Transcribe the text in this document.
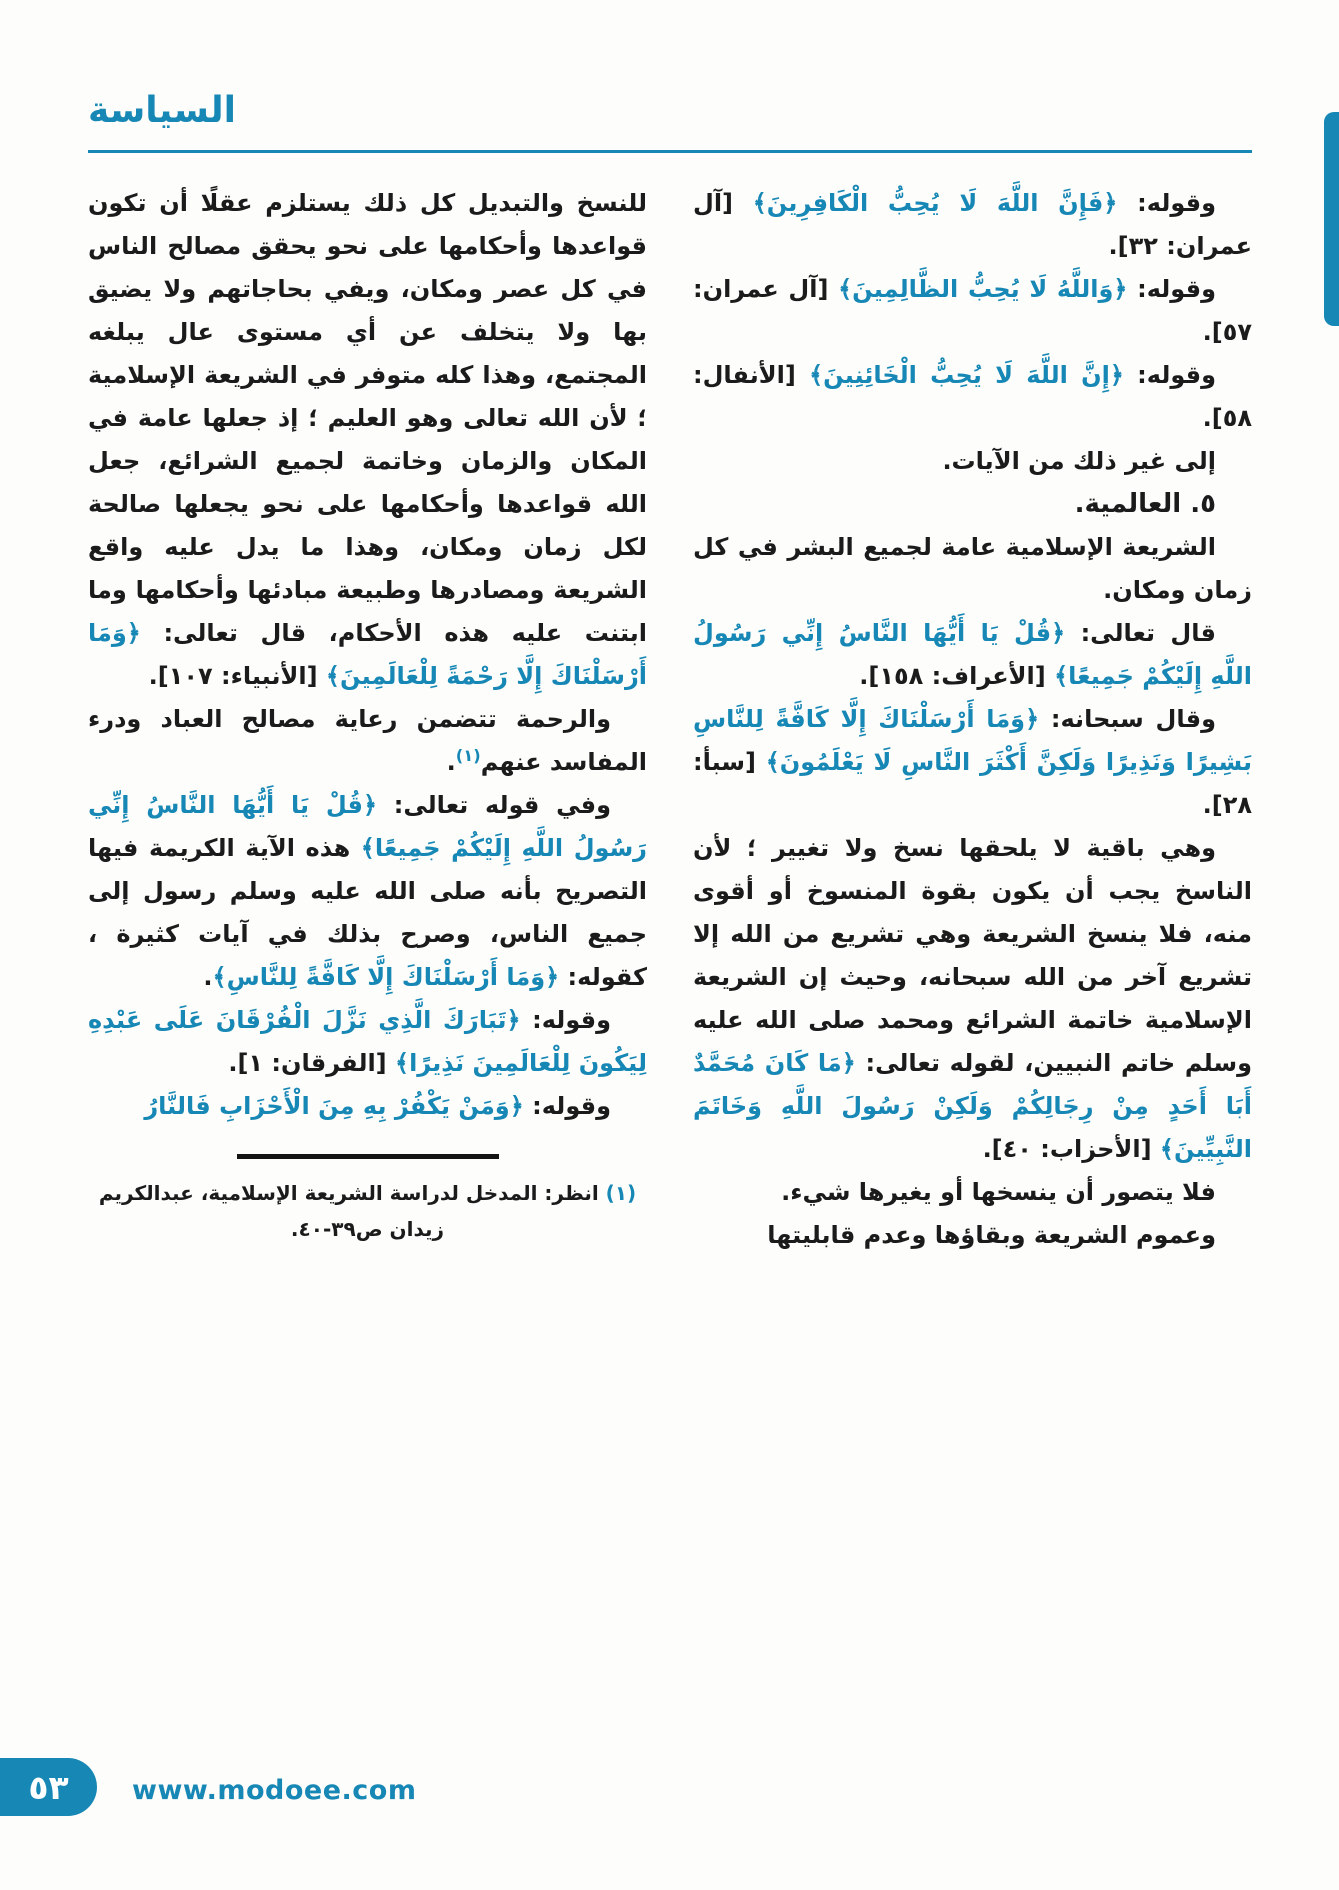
السياسة

وقوله: ﴿فَإِنَّ اللَّهَ لَا يُحِبُّ الْكَافِرِينَ﴾ [آل عمران: ٣٢].

وقوله: ﴿وَاللَّهُ لَا يُحِبُّ الظَّالِمِينَ﴾ [آل عمران: ٥٧].

وقوله: ﴿إِنَّ اللَّهَ لَا يُحِبُّ الْخَائِنِينَ﴾ [الأنفال: ٥٨].

إلى غير ذلك من الآيات.

٥. العالمية.

الشريعة الإسلامية عامة لجميع البشر في كل زمان ومكان.

قال تعالى: ﴿قُلْ يَا أَيُّهَا النَّاسُ إِنِّي رَسُولُ اللَّهِ إِلَيْكُمْ جَمِيعًا﴾ [الأعراف: ١٥٨].

وقال سبحانه: ﴿وَمَا أَرْسَلْنَاكَ إِلَّا كَافَّةً لِلنَّاسِ بَشِيرًا وَنَذِيرًا وَلَكِنَّ أَكْثَرَ النَّاسِ لَا يَعْلَمُونَ﴾ [سبأ: ٢٨].

وهي باقية لا يلحقها نسخ ولا تغيير ؛ لأن الناسخ يجب أن يكون بقوة المنسوخ أو أقوى منه، فلا ينسخ الشريعة وهي تشريع من الله إلا تشريع آخر من الله سبحانه، وحيث إن الشريعة الإسلامية خاتمة الشرائع ومحمد صلى الله عليه وسلم خاتم النبيين، لقوله تعالى: ﴿مَا كَانَ مُحَمَّدٌ أَبَا أَحَدٍ مِنْ رِجَالِكُمْ وَلَكِنْ رَسُولَ اللَّهِ وَخَاتَمَ النَّبِيِّينَ﴾ [الأحزاب: ٤٠].

فلا يتصور أن ينسخها أو يغيرها شيء.

وعموم الشريعة وبقاؤها وعدم قابليتها

للنسخ والتبديل كل ذلك يستلزم عقلًا أن تكون قواعدها وأحكامها على نحو يحقق مصالح الناس في كل عصر ومكان، ويفي بحاجاتهم ولا يضيق بها ولا يتخلف عن أي مستوى عال يبلغه المجتمع، وهذا كله متوفر في الشريعة الإسلامية ؛ لأن الله تعالى وهو العليم ؛ إذ جعلها عامة في المكان والزمان وخاتمة لجميع الشرائع، جعل الله قواعدها وأحكامها على نحو يجعلها صالحة لكل زمان ومكان، وهذا ما يدل عليه واقع الشريعة ومصادرها وطبيعة مبادئها وأحكامها وما ابتنت عليه هذه الأحكام، قال تعالى: ﴿وَمَا أَرْسَلْنَاكَ إِلَّا رَحْمَةً لِلْعَالَمِينَ﴾ [الأنبياء: ١٠٧].

والرحمة تتضمن رعاية مصالح العباد ودرء المفاسد عنهم$^{(١)}$.

وفي قوله تعالى: ﴿قُلْ يَا أَيُّهَا النَّاسُ إِنِّي رَسُولُ اللَّهِ إِلَيْكُمْ جَمِيعًا﴾ هذه الآية الكريمة فيها التصريح بأنه صلى الله عليه وسلم رسول إلى جميع الناس، وصرح بذلك في آيات كثيرة ، كقوله: ﴿وَمَا أَرْسَلْنَاكَ إِلَّا كَافَّةً لِلنَّاسِ﴾.

وقوله: ﴿تَبَارَكَ الَّذِي نَزَّلَ الْفُرْقَانَ عَلَى عَبْدِهِ لِيَكُونَ لِلْعَالَمِينَ نَذِيرًا﴾ [الفرقان: ١].

وقوله: ﴿وَمَنْ يَكْفُرْ بِهِ مِنَ الْأَحْزَابِ فَالنَّارُ

(١) انظر: المدخل لدراسة الشريعة الإسلامية، عبدالكريم زيدان ص٣٩-٤٠.

٥٣ www.modoee.com
